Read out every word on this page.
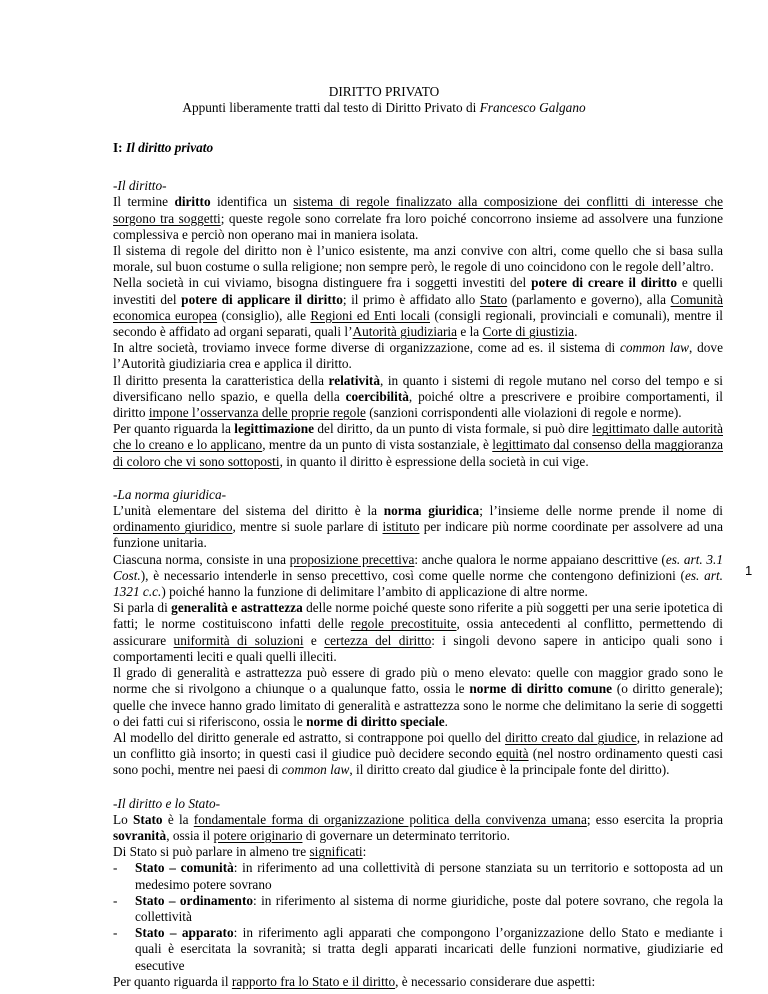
DIRITTO PRIVATO
Appunti liberamente tratti dal testo di Diritto Privato di Francesco Galgano
I: Il diritto privato

-Il diritto-

Il termine diritto identifica un sistema di regole finalizzato alla composizione dei conflitti di interesse che sorgono tra soggetti; queste regole sono correlate fra loro poiché concorrono insieme ad assolvere una funzione complessiva e perciò non operano mai in maniera isolata.

Il sistema di regole del diritto non è l’unico esistente, ma anzi convive con altri, come quello che si basa sulla morale, sul buon costume o sulla religione; non sempre però, le regole di uno coincidono con le regole dell’altro.

Nella società in cui viviamo, bisogna distinguere fra i soggetti investiti del potere di creare il diritto e quelli investiti del potere di applicare il diritto; il primo è affidato allo Stato (parlamento e governo), alla Comunità economica europea (consiglio), alle Regioni ed Enti locali (consigli regionali, provinciali e comunali), mentre il secondo è affidato ad organi separati, quali l’Autorità giudiziaria e la Corte di giustizia.

In altre società, troviamo invece forme diverse di organizzazione, come ad es. il sistema di common law, dove l’Autorità giudiziaria crea e applica il diritto.

Il diritto presenta la caratteristica della relatività, in quanto i sistemi di regole mutano nel corso del tempo e si diversificano nello spazio, e quella della coercibilità, poiché oltre a prescrivere e proibire comportamenti, il diritto impone l’osservanza delle proprie regole (sanzioni corrispondenti alle violazioni di regole e norme).

Per quanto riguarda la legittimazione del diritto, da un punto di vista formale, si può dire legittimato dalle autorità che lo creano e lo applicano, mentre da un punto di vista sostanziale, è legittimato dal consenso della maggioranza di coloro che vi sono sottoposti, in quanto il diritto è espressione della società in cui vige.

-La norma giuridica-

L’unità elementare del sistema del diritto è la norma giuridica; l’insieme delle norme prende il nome di ordinamento giuridico, mentre si suole parlare di istituto per indicare più norme coordinate per assolvere ad una funzione unitaria.

Ciascuna norma, consiste in una proposizione precettiva: anche qualora le norme appaiano descrittive (es. art. 3.1 Cost.), è necessario intenderle in senso precettivo, così come quelle norme che contengono definizioni (es. art. 1321 c.c.) poiché hanno la funzione di delimitare l’ambito di applicazione di altre norme.

Si parla di generalità e astrattezza delle norme poiché queste sono riferite a più soggetti per una serie ipotetica di fatti; le norme costituiscono infatti delle regole precostituite, ossia antecedenti al conflitto, permettendo di assicurare uniformità di soluzioni e certezza del diritto: i singoli devono sapere in anticipo quali sono i comportamenti leciti e quali quelli illeciti.

Il grado di generalità e astrattezza può essere di grado più o meno elevato: quelle con maggior grado sono le norme che si rivolgono a chiunque o a qualunque fatto, ossia le norme di diritto comune (o diritto generale); quelle che invece hanno grado limitato di generalità e astrattezza sono le norme che delimitano la serie di soggetti o dei fatti cui si riferiscono, ossia le norme di diritto speciale.

Al modello del diritto generale ed astratto, si contrappone poi quello del diritto creato dal giudice, in relazione ad un conflitto già insorto; in questi casi il giudice può decidere secondo equità (nel nostro ordinamento questi casi sono pochi, mentre nei paesi di common law, il diritto creato dal giudice è la principale fonte del diritto).

-Il diritto e lo Stato-

Lo Stato è la fondamentale forma di organizzazione politica della convivenza umana; esso esercita la propria sovranità, ossia il potere originario di governare un determinato territorio.

Di Stato si può parlare in almeno tre significati:

- Stato – comunità: in riferimento ad una collettività di persone stanziata su un territorio e sottoposta ad un medesimo potere sovrano
- Stato – ordinamento: in riferimento al sistema di norme giuridiche, poste dal potere sovrano, che regola la collettività
- Stato – apparato: in riferimento agli apparati che compongono l’organizzazione dello Stato e mediante i quali è esercitata la sovranità; si tratta degli apparati incaricati delle funzioni normative, giudiziarie ed esecutive

Per quanto riguarda il rapporto fra lo Stato e il diritto, è necessario considerare due aspetti:

1
